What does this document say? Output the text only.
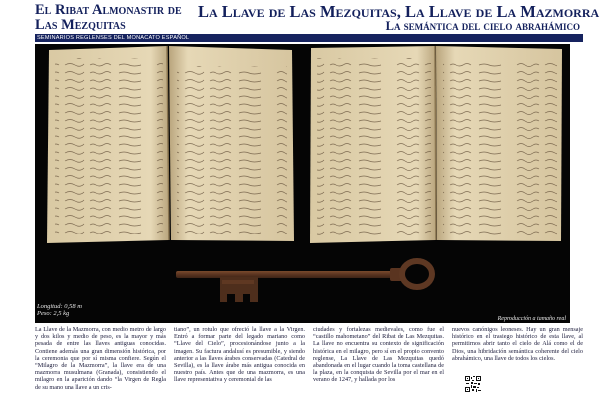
El Ribat Almonastir de Las Mezquitas
La Llave de Las Mezquitas, La Llave de La Mazmorra
La semántica del cielo abrahámico
SEMINARIOS REGLENSES DEL MONACATO ESPAÑOL
Longitud: 0,58 m
Peso: 2,5 kg
Reproducción a tamaño real
La Llave de la Mazmorra, con medio metro de largo y dos kilos y medio de peso, es la mayor y más pesada de entre las llaves antiguas conocidas. Contiene además una gran dimensión histórica, por la ceremonia que por sí misma confiere. Según el “Milagro de la Mazmorra”, la llave era de una mazmorra musulmana (Granada), consistiendo el milagro en la aparición dando “la Virgen de Regla de su mano una llave a un cris-
tiano”, un rotulo que ofreció la llave a la Virgen. Entró a formar parte del legado mariano como “Llave del Cielo”, procesionándose junto a la imagen. Su factura andalusí es presumible, y siendo anterior a las llaves árabes conservadas (Catedral de Sevilla), es la llave árabe más antigua conocida en nuestro país. Antes que de una mazmorra, es una llave representativa y ceremonial de las
ciudades y fortalezas medievales, como fue el “castillo mahometano” del Ribat de Las Mezquitas. La llave no encuentra su contexto de significación histórica en el milagro, pero sí en el propio convento reglense, La Llave de Las Mezquitas quedó abandonada en el lugar cuando la toma castellana de la plaza, en la conquista de Sevilla por el mar en el verano de 1247, y hallada por los
nuevos canónigos leoneses. Hay un gran mensaje histórico en el trasiego histórico de esta llave, al permitirnos abrir tanto el cielo de Alá como el de Dios, una hibridación semántica coherente del cielo abrahámico, una llave de todos los cielos.
